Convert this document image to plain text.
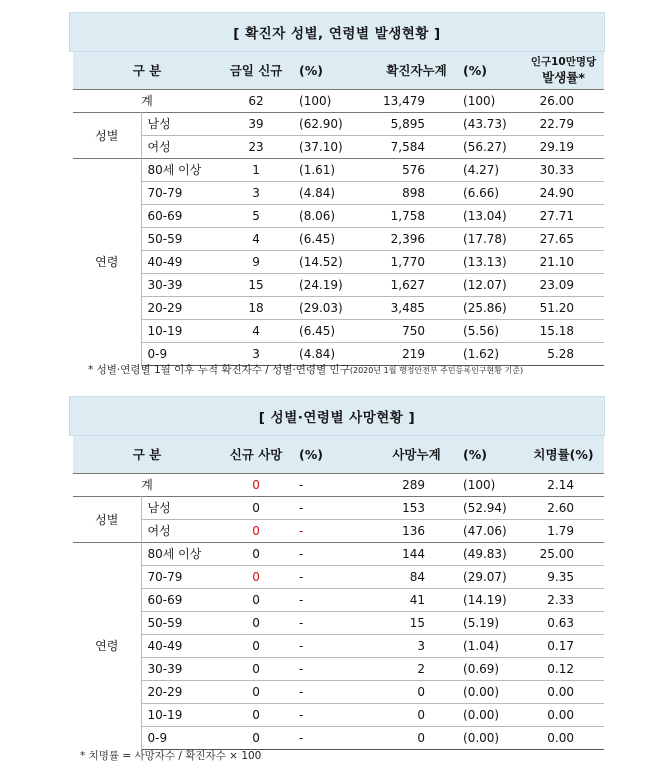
[ 확진자 성별, 연령별 발생현황 ]
구 분		금일 신규	(%)	확진자누계	(%)	인구10만명당
발생률*
계		62	(100)	13,479	(100)	26.00
성별	남성	39	(62.90)	5,895	(43.73)	22.79
	여성	23	(37.10)	7,584	(56.27)	29.19
연령	80세 이상	1	(1.61)	576	(4.27)	30.33
	70-79	3	(4.84)	898	(6.66)	24.90
	60-69	5	(8.06)	1,758	(13.04)	27.71
	50-59	4	(6.45)	2,396	(17.78)	27.65
	40-49	9	(14.52)	1,770	(13.13)	21.10
	30-39	15	(24.19)	1,627	(12.07)	23.09
	20-29	18	(29.03)	3,485	(25.86)	51.20
	10-19	4	(6.45)	750	(5.56)	15.18
	0-9	3	(4.84)	219	(1.62)	5.28
* 성별·연령별 1월 이후 누적 확진자수 / 성별·연령별 인구(2020년 1월 행정안전부 주민등록인구현황 기준)
[ 성별·연령별 사망현황 ]
구 분		신규 사망	(%)	사망누계	(%)	치명률(%)
계		0	-	289	(100)	2.14
성별	남성	0	-	153	(52.94)	2.60
	여성	0	-	136	(47.06)	1.79
연령	80세 이상	0	-	144	(49.83)	25.00
	70-79	0	-	84	(29.07)	9.35
	60-69	0	-	41	(14.19)	2.33
	50-59	0	-	15	(5.19)	0.63
	40-49	0	-	3	(1.04)	0.17
	30-39	0	-	2	(0.69)	0.12
	20-29	0	-	0	(0.00)	0.00
	10-19	0	-	0	(0.00)	0.00
	0-9	0	-	0	(0.00)	0.00
* 치명률 = 사망자수 / 확진자수 × 100
